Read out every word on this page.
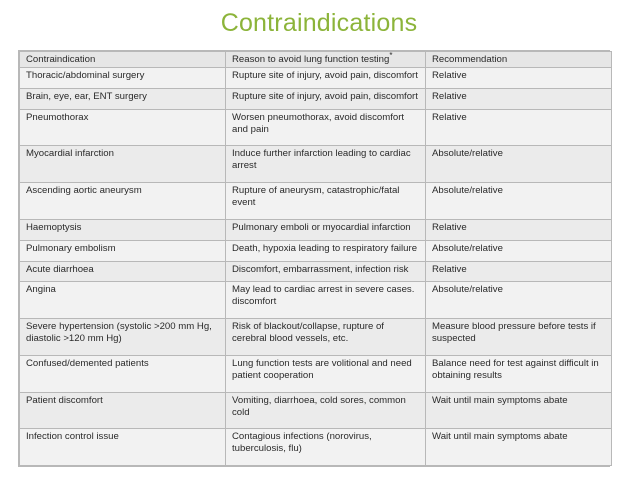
Contraindications
Contraindication	Reason to avoid lung function testing*	Recommendation
Thoracic/abdominal surgery	Rupture site of injury, avoid pain, discomfort	Relative
Brain, eye, ear, ENT surgery	Rupture site of injury, avoid pain, discomfort	Relative
Pneumothorax	Worsen pneumothorax, avoid discomfort and pain	Relative
Myocardial infarction	Induce further infarction leading to cardiac arrest	Absolute/relative
Ascending aortic aneurysm	Rupture of aneurysm, catastrophic/fatal event	Absolute/relative
Haemoptysis	Pulmonary emboli or myocardial infarction	Relative
Pulmonary embolism	Death, hypoxia leading to respiratory failure	Absolute/relative
Acute diarrhoea	Discomfort, embarrassment, infection risk	Relative
Angina	May lead to cardiac arrest in severe cases. discomfort	Absolute/relative
Severe hypertension (systolic >200 mm Hg, diastolic >120 mm Hg)	Risk of blackout/collapse, rupture of cerebral blood vessels, etc.	Measure blood pressure before tests if suspected
Confused/demented patients	Lung function tests are volitional and need patient cooperation	Balance need for test against difficult in obtaining results
Patient discomfort	Vomiting, diarrhoea, cold sores, common cold	Wait until main symptoms abate
Infection control issue	Contagious infections (norovirus, tuberculosis, flu)	Wait until main symptoms abate
